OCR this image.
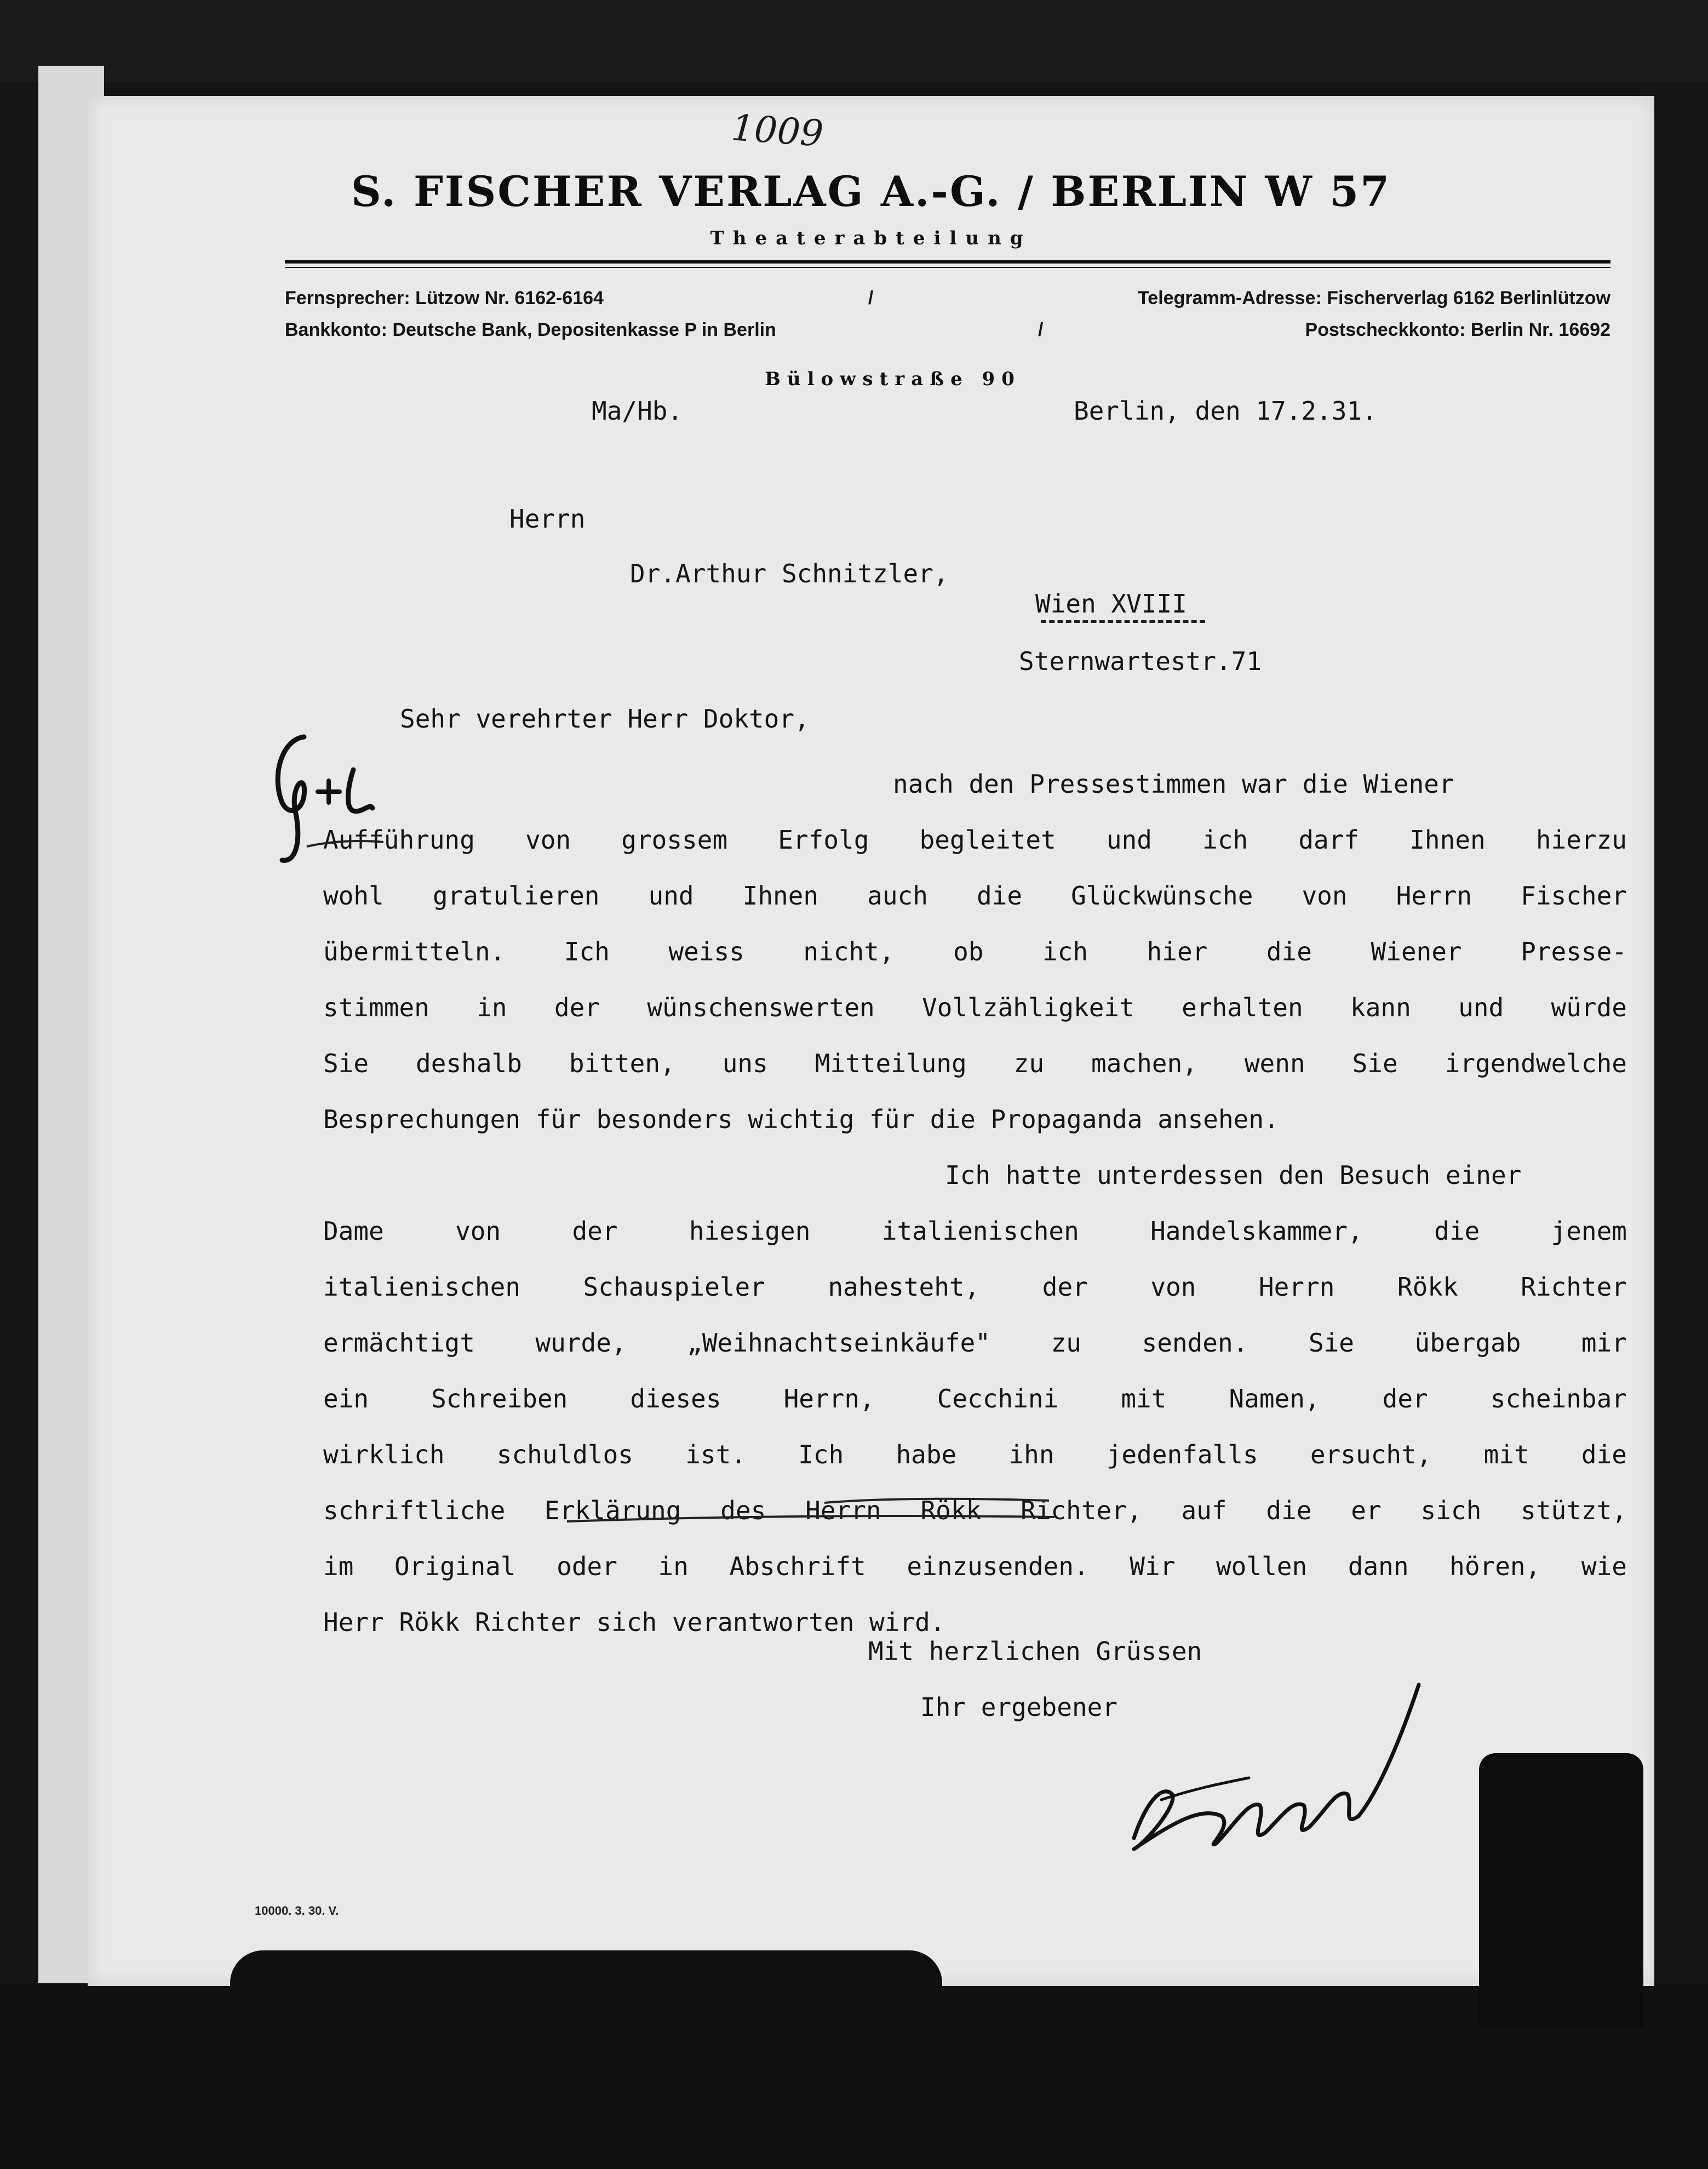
1009
S. FISCHER VERLAG A.-G. / BERLIN W 57
Theaterabteilung
Fernsprecher: Lützow Nr. 6162-6164	/	Telegramm-Adresse: Fischerverlag 6162 Berlinlützow
Bankkonto: Deutsche Bank, Depositenkasse P in Berlin	/	Postscheckkonto: Berlin Nr. 16692
Bülowstraße 90
Ma/Hb.	Berlin, den 17.2.31.
Herrn
Dr.Arthur Schnitzler,
Wien XVIII
Sternwartestr.71
Sehr verehrter Herr Doktor,
nach den Pressestimmen war die Wiener
Aufführung von grossem Erfolg begleitet und ich darf Ihnen hierzu
wohl gratulieren und Ihnen auch die Glückwünsche von Herrn Fischer
übermitteln. Ich weiss nicht, ob ich hier die Wiener Presse-
stimmen in der wünschenswerten Vollzähligkeit erhalten kann und würde
Sie deshalb bitten, uns Mitteilung zu machen, wenn Sie irgendwelche
Besprechungen für besonders wichtig für die Propaganda ansehen.
Ich hatte unterdessen den Besuch einer
Dame von der hiesigen italienischen Handelskammer, die jenem
italienischen Schauspieler nahesteht, der von Herrn Rökk Richter
ermächtigt wurde, „Weihnachtseinkäufe" zu senden. Sie übergab mir
ein Schreiben dieses Herrn, Cecchini mit Namen, der scheinbar
wirklich schuldlos ist. Ich habe ihn jedenfalls ersucht, mit die
schriftliche Erklärung des Herrn Rökk Richter, auf die er sich stützt,
im Original oder in Abschrift einzusenden. Wir wollen dann hören, wie
Herr Rökk Richter sich verantworten wird.
Mit herzlichen Grüssen
Ihr ergebener
10000. 3. 30. V.
